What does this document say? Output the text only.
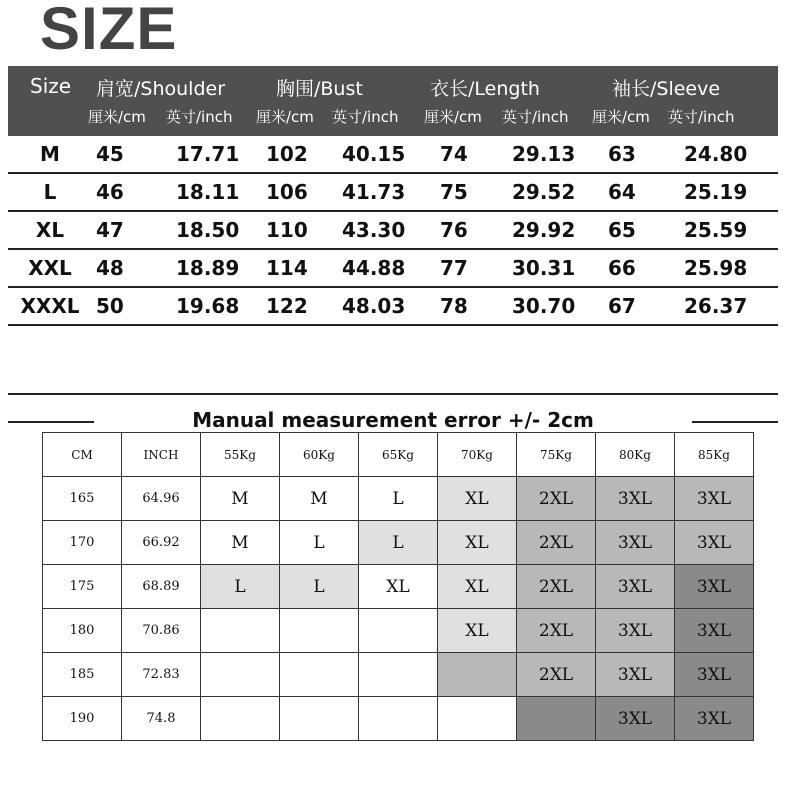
SIZE
Size 肩宽/Shoulder	胸围/Bust	衣长/Length	袖长/Sleeve
厘米/cm 英寸/inch 厘米/cm 英寸/inch 厘米/cm 英寸/inch 厘米/cm 英寸/inch
M	45	17.71 102 40.15 74 29.13 63 24.80
L	46	18.11 106 41.73 75 29.52 64 25.19
XL	47	18.50 110 43.30 76 29.92 65 25.59
XXL	48	18.89 114 44.88 77 30.31 66 25.98
XXXL 50	19.68 122 48.03 78 30.70 67 26.37
Manual measurement error +/- 2cm
CM	INCH	55Kg	60Kg	65Kg	70Kg	75Kg	80Kg	85Kg
165	64.96	M	M	L	XL	2XL	3XL	3XL
170	66.92	M	L	L	XL	2XL	3XL	3XL
175	68.89	L	L	XL	XL	2XL	3XL	3XL
180	70.86				XL	2XL	3XL	3XL
185	72.83					2XL	3XL	3XL
190	74.8						3XL	3XL
